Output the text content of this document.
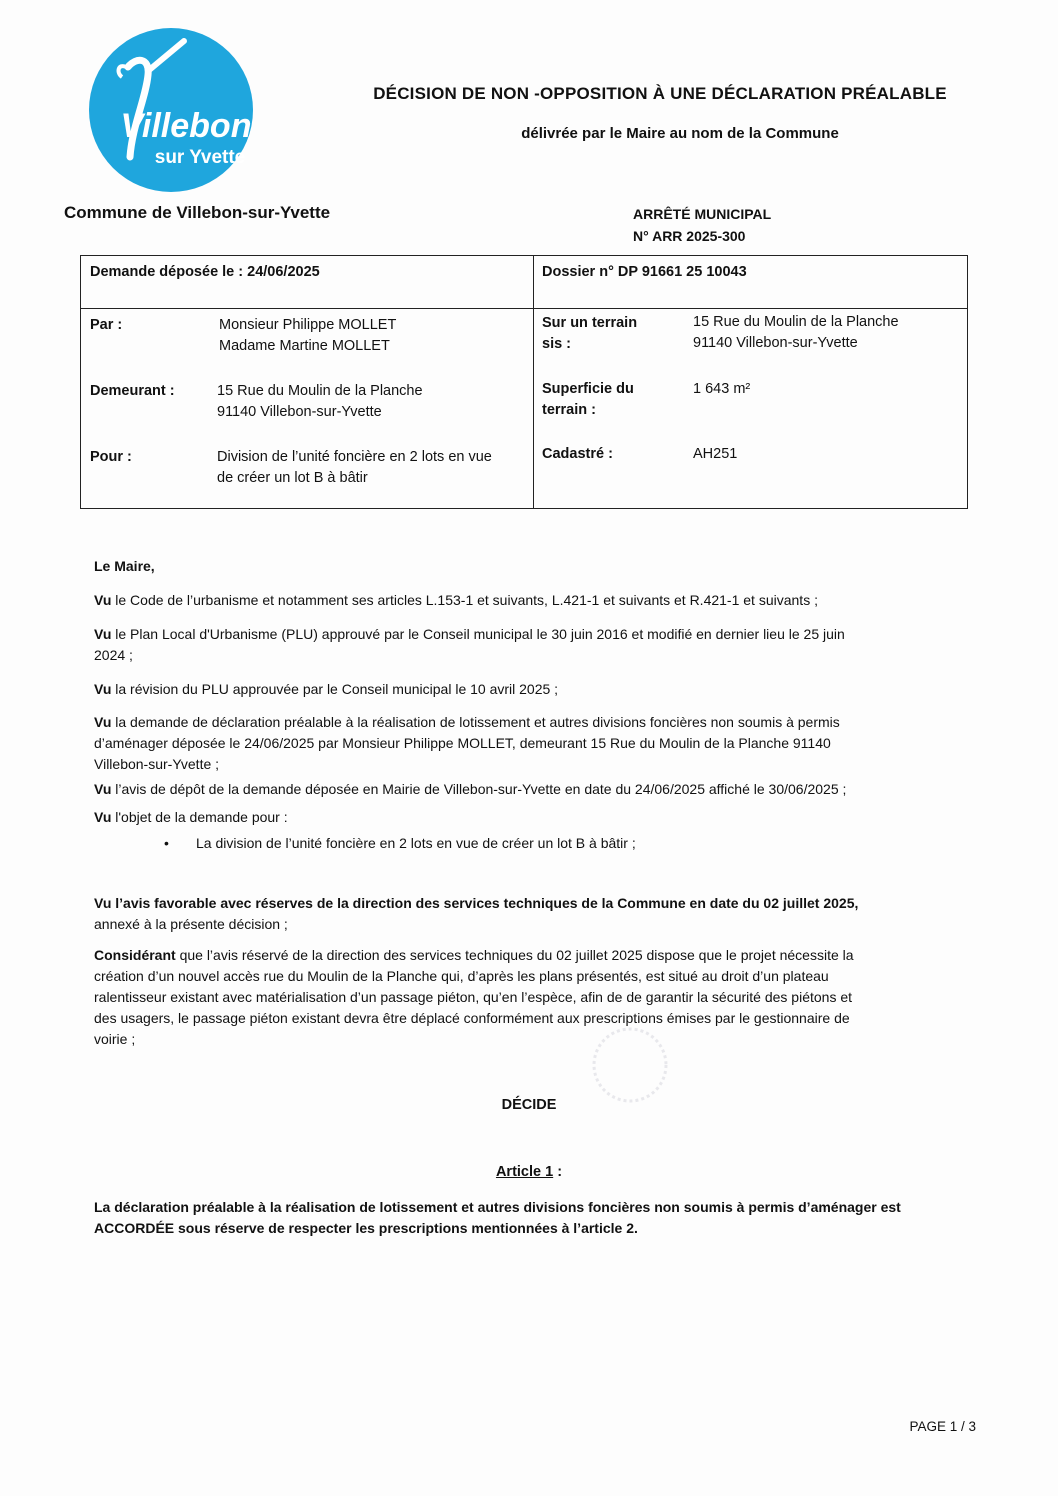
Villebon
sur Yvette
DÉCISION DE NON -OPPOSITION À UNE DÉCLARATION PRÉALABLE
délivrée par le Maire au nom de la Commune
Commune de Villebon-sur-Yvette	ARRÊTÉ MUNICIPAL
N° ARR 2025-300
Demande déposée le : 24/06/2025	Dossier n° DP 91661 25 10043
Par :	Monsieur Philippe MOLLET
Madame Martine MOLLET
Demeurant :	15 Rue du Moulin de la Planche
91140 Villebon-sur-Yvette
Pour :	Division de l’unité foncière en 2 lots en vue
de créer un lot B à bâtir
Sur un terrain
sis :
15 Rue du Moulin de la Planche
91140 Villebon-sur-Yvette
Superficie du
terrain :
1 643 m²
Cadastré :	AH251
Le Maire,
Vu le Code de l’urbanisme et notamment ses articles L.153-1 et suivants, L.421-1 et suivants et R.421-1 et suivants ;
Vu le Plan Local d'Urbanisme (PLU) approuvé par le Conseil municipal le 30 juin 2016 et modifié en dernier lieu le 25 juin
2024 ;
Vu la révision du PLU approuvée par le Conseil municipal le 10 avril 2025 ;
Vu la demande de déclaration préalable à la réalisation de lotissement et autres divisions foncières non soumis à permis
d’aménager déposée le 24/06/2025 par Monsieur Philippe MOLLET, demeurant 15 Rue du Moulin de la Planche 91140
Villebon-sur-Yvette ;
Vu l’avis de dépôt de la demande déposée en Mairie de Villebon-sur-Yvette en date du 24/06/2025 affiché le 30/06/2025 ;
Vu l'objet de la demande pour :
• La division de l’unité foncière en 2 lots en vue de créer un lot B à bâtir ;
Vu l’avis favorable avec réserves de la direction des services techniques de la Commune en date du 02 juillet 2025,
annexé à la présente décision ;
Considérant que l’avis réservé de la direction des services techniques du 02 juillet 2025 dispose que le projet nécessite la
création d’un nouvel accès rue du Moulin de la Planche qui, d’après les plans présentés, est situé au droit d’un plateau
ralentisseur existant avec matérialisation d’un passage piéton, qu’en l’espèce, afin de de garantir la sécurité des piétons et
des usagers, le passage piéton existant devra être déplacé conformément aux prescriptions émises par le gestionnaire de
voirie ;
DÉCIDE
Article 1 :
La déclaration préalable à la réalisation de lotissement et autres divisions foncières non soumis à permis d’aménager est
ACCORDÉE sous réserve de respecter les prescriptions mentionnées à l’article 2.
PAGE 1 / 3
